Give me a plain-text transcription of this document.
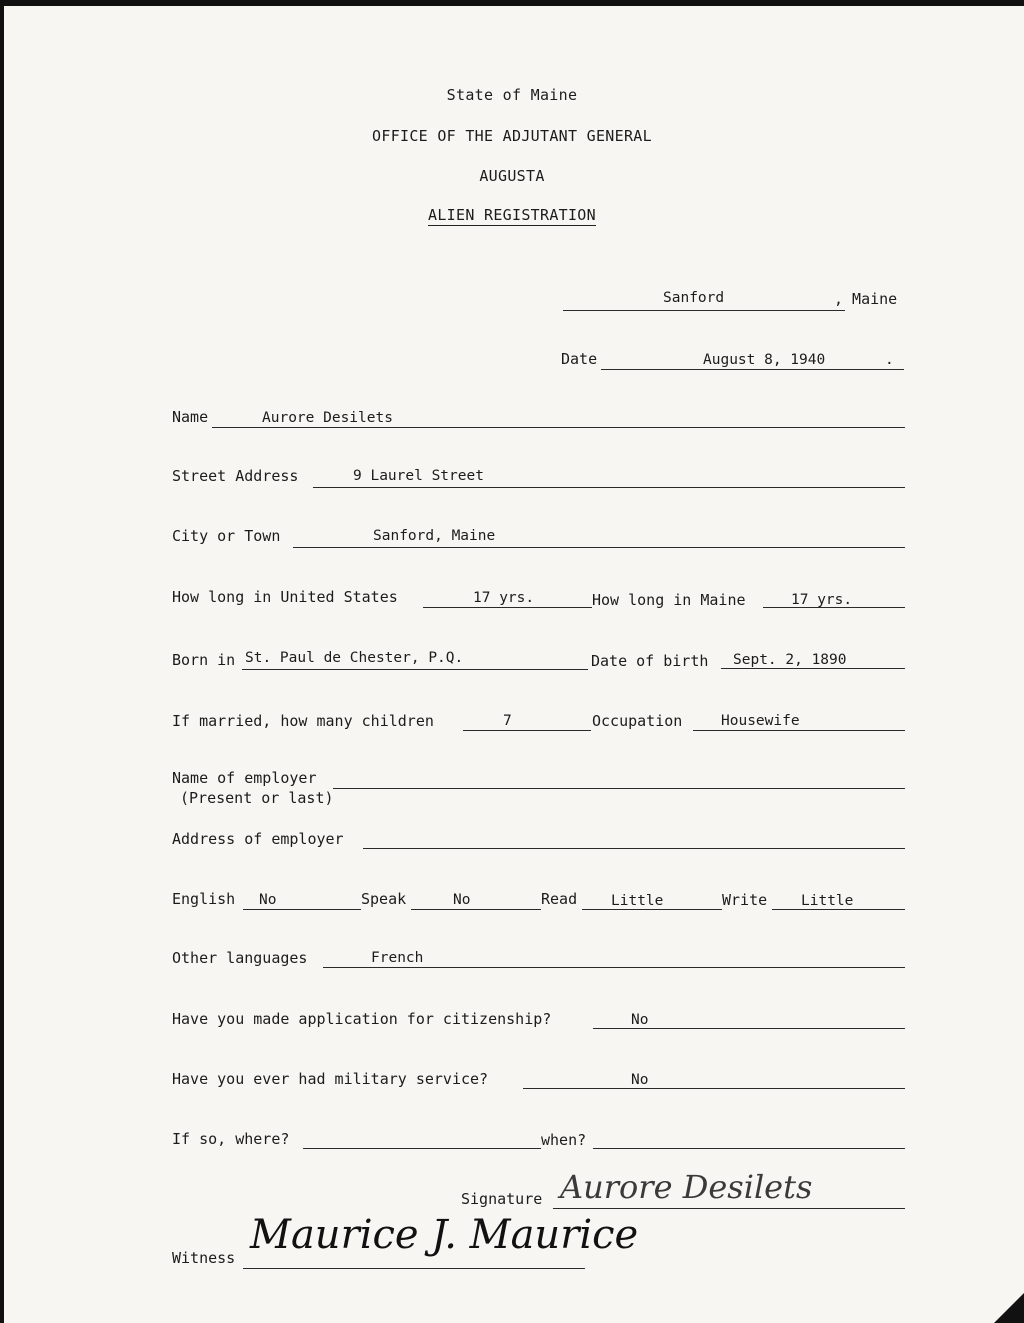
State of Maine
OFFICE OF THE ADJUTANT GENERAL
AUGUSTA
ALIEN REGISTRATION
Sanford	, Maine
Date	August 8, 1940	.
Name	Aurore Desilets
Street Address	9 Laurel Street
City or Town	Sanford, Maine
How long in United States	17 yrs.	How long in Maine	17 yrs.
Born in St. Paul de Chester, P.Q.	Date of birth Sept. 2, 1890
If married, how many children	7	Occupation	Housewife
Name of employer
(Present or last)
Address of employer
English No	Speak	No	Read Little	Write Little
Other languages	French
Have you made application for citizenship?	No
Have you ever had military service?	No
If so, where?	when?
Signature Aurore Desilets
Witness Maurice J. Maurice
